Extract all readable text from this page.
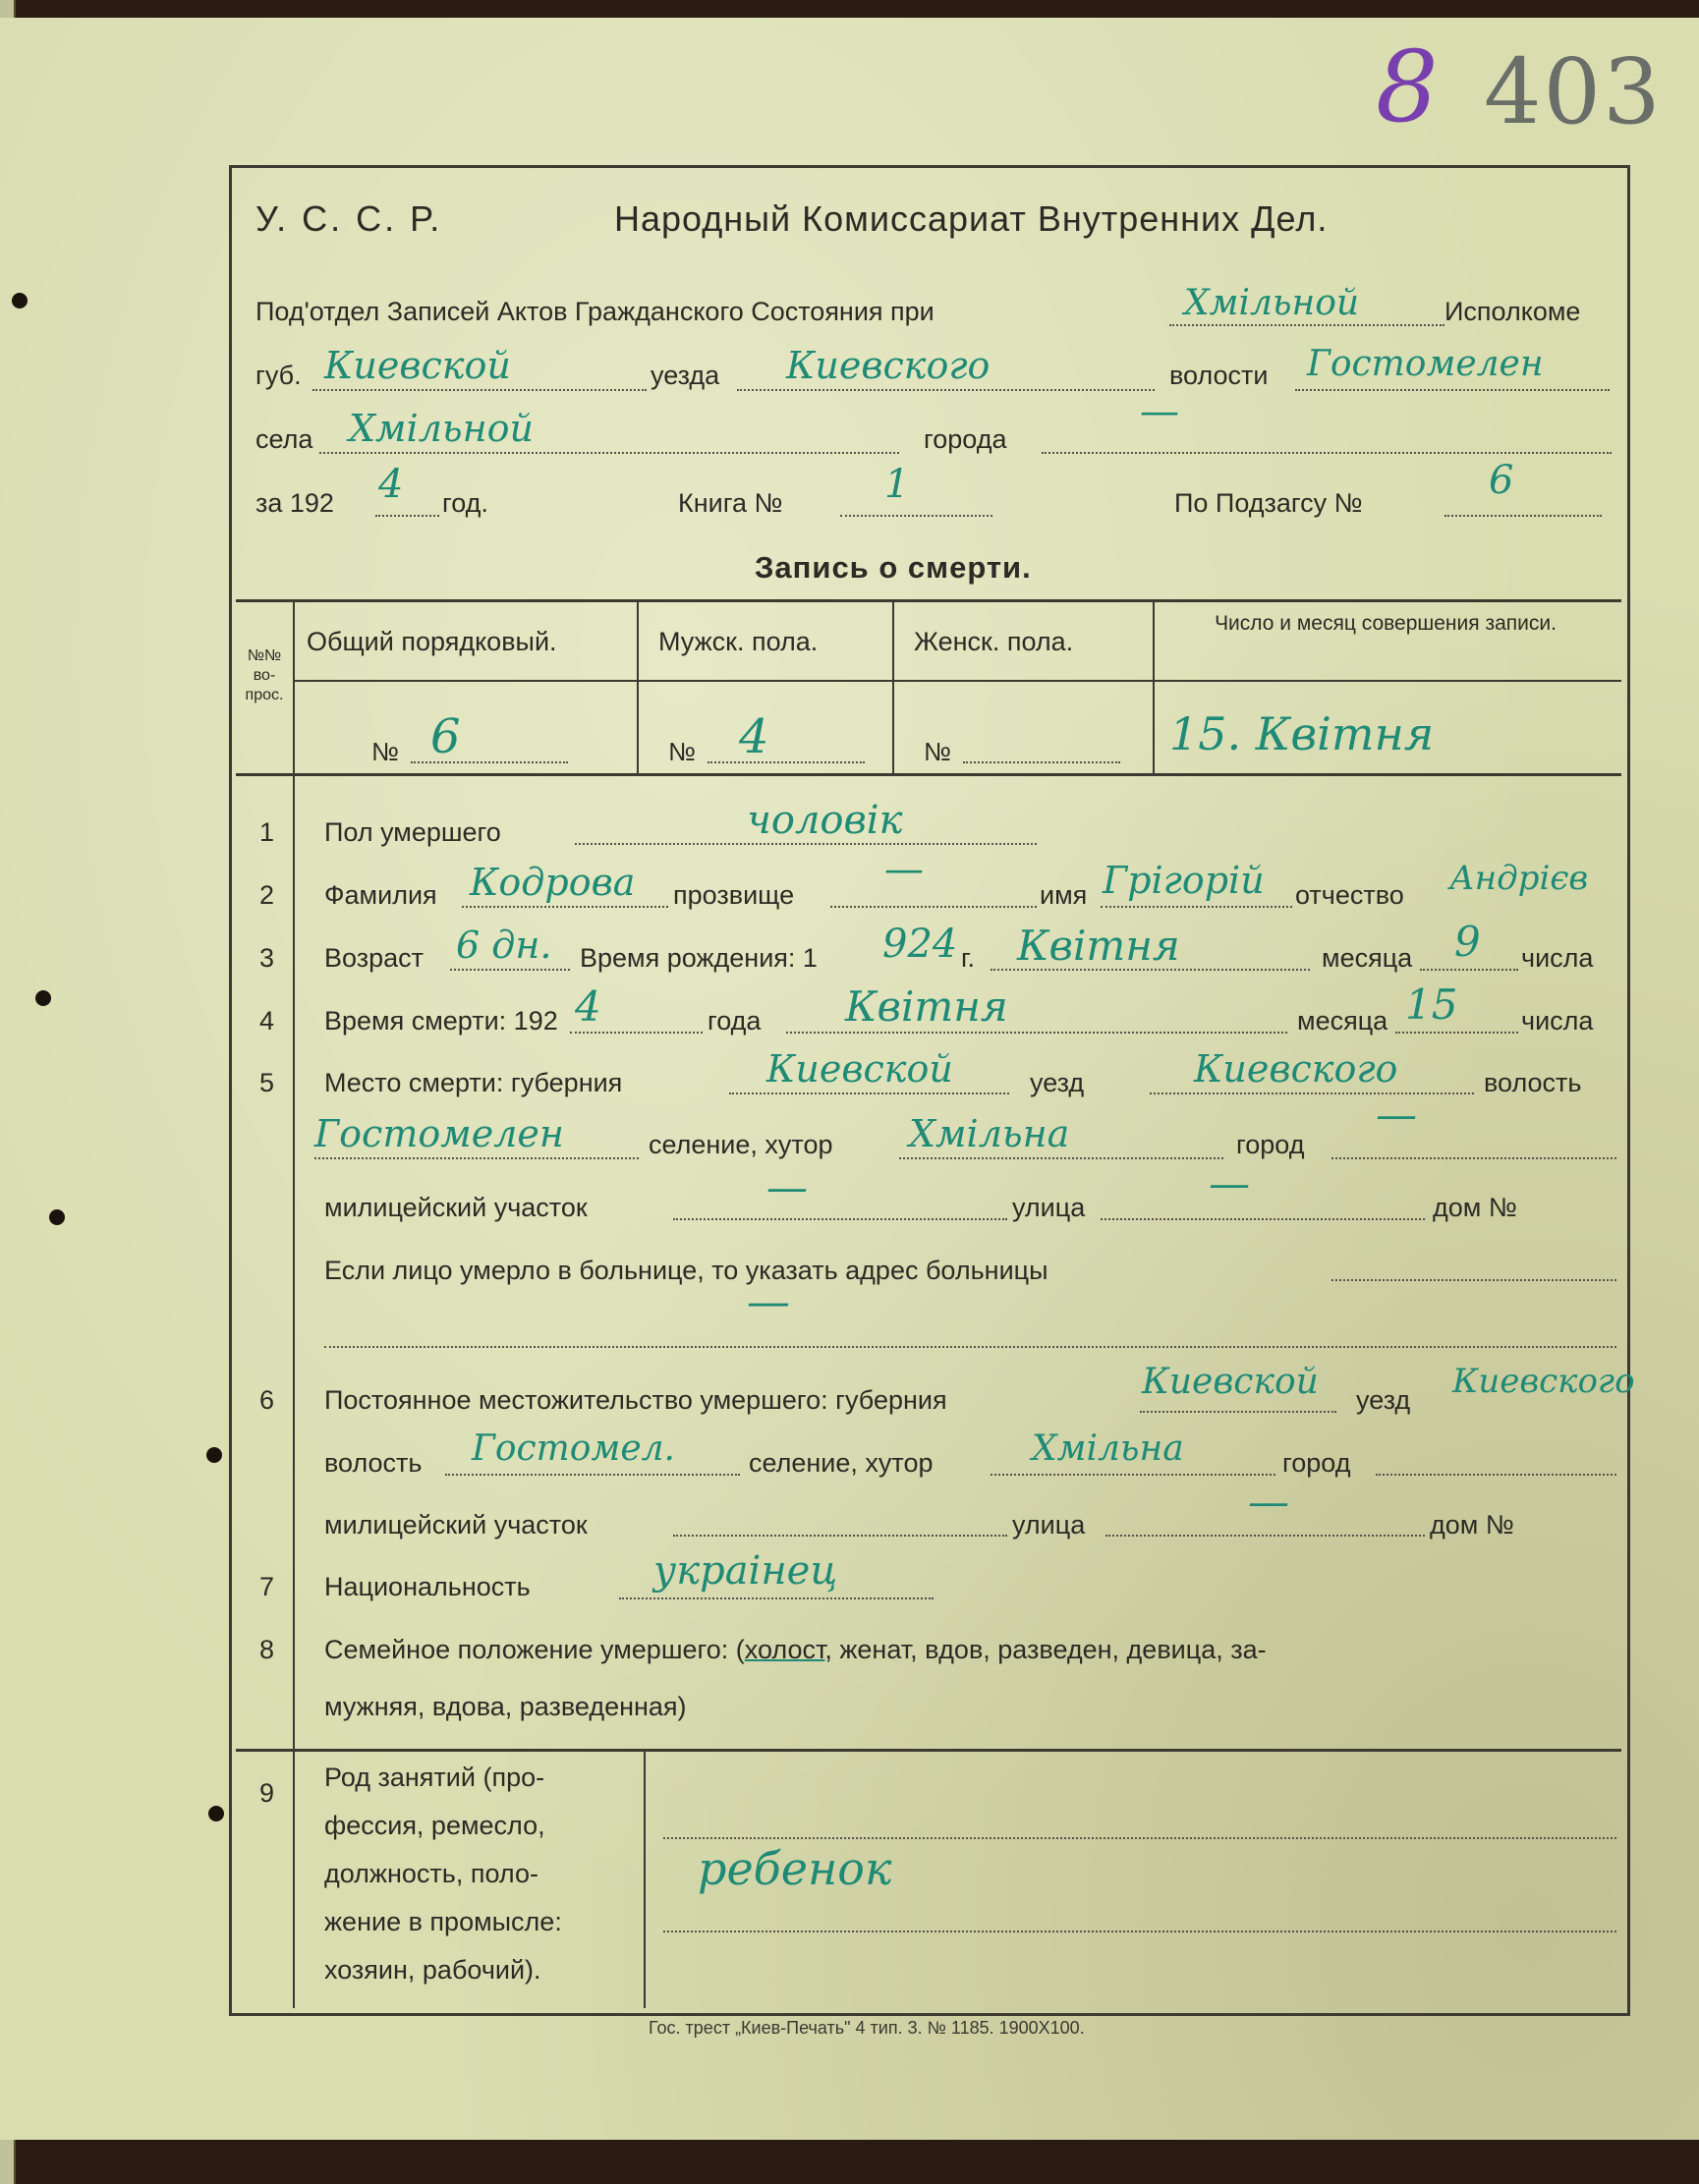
403
8
У. С. С. Р.	Народный Комиссариат Внутренних Дел.
Под'отдел Записей Актов Гражданского Состояния при	Хмільной	Исполкоме
губ. Киевской	уезда Киевского	волости Гостомелен
села Хмільной	города
—
за 192 4 год.	Книга №	1	По Подзагсу №	6
Запись о смерти.
№№ во- прос.
Общий порядковый.	Мужск. пола.	Женск. пола.
Число и месяц совершения записи.
№ 6	№ 4	№	15. Квітня
1 Пол умершего	чоловік
2 Фамилия Кодрова прозвище
—
имя Грігорій отчество Андрієв
3 Возраст 6 дн. Время рождения: 1 924 г. Квітня	месяца 9 числа
4 Время смерти: 192 4	года Квітня	месяца 15 числа
5 Место смерти: губерния	Киевской	уезд	Киевского	волость
Гостомелен	селение, хутор Хмільна	город
—
милицейский участок	—	улица	—	дом №
Если лицо умерло в больнице, то указать адрес больницы
—
6 Постоянное местожительство умершего: губерния	Киевской уезд Киевского
волость Гостомел.	селение, хутор	Хмільна	город
милицейский участок	улица	—	дом №
7 Национальность	украінец
8 Семейное положение умершего: (холост, женат, вдов, разведен, девица, за-
мужняя, вдова, разведенная)
9
Род занятий (про-
фессия, ремесло,
должность, поло-
жение в промысле:
хозяин, рабочий).
ребенок
Гос. трест „Киев-Печать" 4 тип. 3. № 1185. 1900Х100.
